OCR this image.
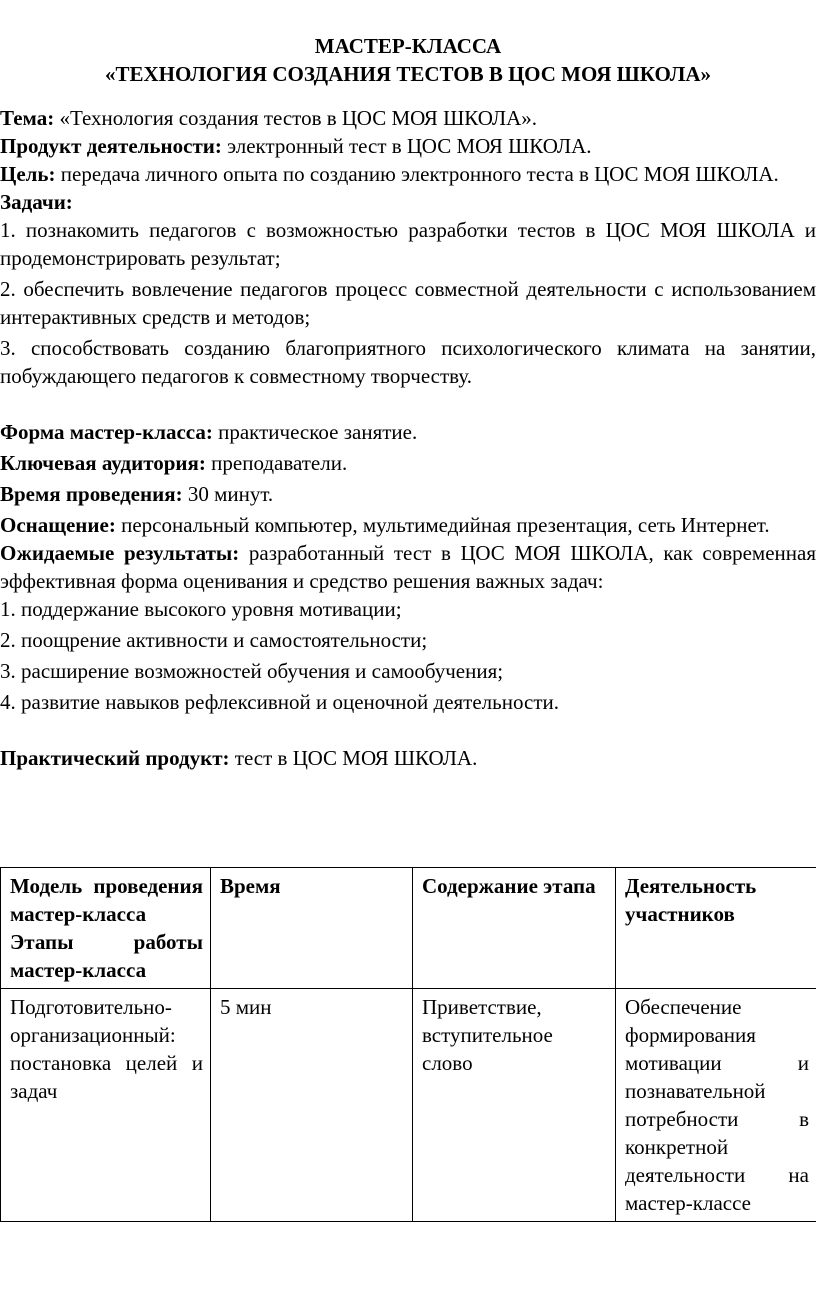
МАСТЕР-КЛАССА
«ТЕХНОЛОГИЯ СОЗДАНИЯ ТЕСТОВ В ЦОС МОЯ ШКОЛА»

Тема: «Технология создания тестов в ЦОС МОЯ ШКОЛА».

Продукт деятельности: электронный тест в ЦОС МОЯ ШКОЛА.

Цель: передача личного опыта по созданию электронного теста в ЦОС МОЯ ШКОЛА.

Задачи:

1. познакомить педагогов с возможностью разработки тестов в ЦОС МОЯ ШКОЛА и продемонстрировать результат;

2. обеспечить вовлечение педагогов процесс совместной деятельности с использованием интерактивных средств и методов;

3. способствовать созданию благоприятного психологического климата на занятии, побуждающего педагогов к совместному творчеству.

Форма мастер-класса: практическое занятие.

Ключевая аудитория: преподаватели.

Время проведения: 30 минут.

Оснащение: персональный компьютер, мультимедийная презентация, сеть Интернет.

Ожидаемые результаты: разработанный тест в ЦОС МОЯ ШКОЛА, как современная эффективная форма оценивания и средство решения важных задач:

1. поддержание высокого уровня мотивации;

2. поощрение активности и самостоятельности;

3. расширение возможностей обучения и самообучения;

4. развитие навыков рефлексивной и оценочной деятельности.

Практический продукт: тест в ЦОС МОЯ ШКОЛА.

Модель проведения мастер-класса Этапы работы мастер-класса	Время	Содержание этапа	Деятельность участников
Подготовительно-организационный: постановка целей и задач	5 мин	Приветствие, вступительное слово	Обеспечение формирования мотивации и познавательной потребности в конкретной деятельности на мастер-классе
